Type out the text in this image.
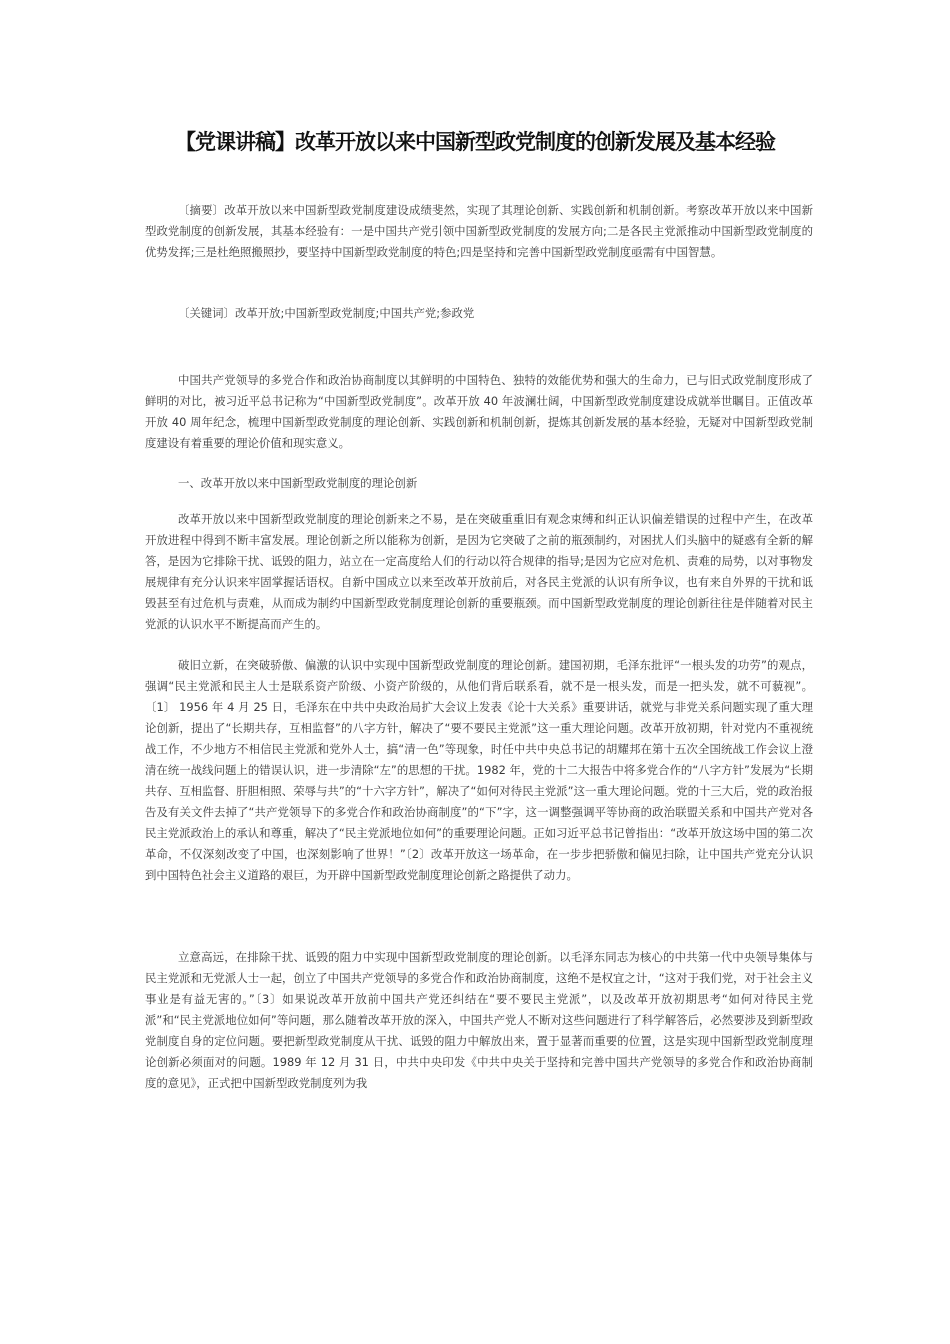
【党课讲稿】改革开放以来中国新型政党制度的创新发展及基本经验

〔摘要〕改革开放以来中国新型政党制度建设成绩斐然，实现了其理论创新、实践创新和机制创新。考察改革开放以来中国新型政党制度的创新发展，其基本经验有：一是中国共产党引领中国新型政党制度的发展方向;二是各民主党派推动中国新型政党制度的优势发挥;三是杜绝照搬照抄，要坚持中国新型政党制度的特色;四是坚持和完善中国新型政党制度亟需有中国智慧。

〔关键词〕改革开放;中国新型政党制度;中国共产党;参政党

中国共产党领导的多党合作和政治协商制度以其鲜明的中国特色、独特的效能优势和强大的生命力，已与旧式政党制度形成了鲜明的对比，被习近平总书记称为“中国新型政党制度”。改革开放 40 年波澜壮阔，中国新型政党制度建设成就举世瞩目。正值改革开放 40 周年纪念，梳理中国新型政党制度的理论创新、实践创新和机制创新，提炼其创新发展的基本经验，无疑对中国新型政党制度建设有着重要的理论价值和现实意义。

一、改革开放以来中国新型政党制度的理论创新

改革开放以来中国新型政党制度的理论创新来之不易，是在突破重重旧有观念束缚和纠正认识偏差错误的过程中产生，在改革开放进程中得到不断丰富发展。理论创新之所以能称为创新，是因为它突破了之前的瓶颈制约，对困扰人们头脑中的疑惑有全新的解答，是因为它排除干扰、诋毁的阻力，站立在一定高度给人们的行动以符合规律的指导;是因为它应对危机、责难的局势，以对事物发展规律有充分认识来牢固掌握话语权。自新中国成立以来至改革开放前后，对各民主党派的认识有所争议，也有来自外界的干扰和诋毁甚至有过危机与责难，从而成为制约中国新型政党制度理论创新的重要瓶颈。而中国新型政党制度的理论创新往往是伴随着对民主党派的认识水平不断提高而产生的。

破旧立新，在突破骄傲、偏激的认识中实现中国新型政党制度的理论创新。建国初期，毛泽东批评“一根头发的功劳”的观点，强调“民主党派和民主人士是联系资产阶级、小资产阶级的，从他们背后联系看，就不是一根头发，而是一把头发，就不可藐视”。〔1〕 1956 年 4 月 25 日，毛泽东在中共中央政治局扩大会议上发表《论十大关系》重要讲话，就党与非党关系问题实现了重大理论创新，提出了“长期共存，互相监督”的八字方针，解决了“要不要民主党派”这一重大理论问题。改革开放初期，针对党内不重视统战工作，不少地方不相信民主党派和党外人士，搞“清一色”等现象，时任中共中央总书记的胡耀邦在第十五次全国统战工作会议上澄清在统一战线问题上的错误认识，进一步清除“左”的思想的干扰。1982 年，党的十二大报告中将多党合作的“八字方针”发展为“长期共存、互相监督、肝胆相照、荣辱与共”的“十六字方针”，解决了“如何对待民主党派”这一重大理论问题。党的十三大后，党的政治报告及有关文件去掉了“共产党领导下的多党合作和政治协商制度”的“下”字，这一调整强调平等协商的政治联盟关系和中国共产党对各民主党派政治上的承认和尊重，解决了“民主党派地位如何”的重要理论问题。正如习近平总书记曾指出：“改革开放这场中国的第二次革命，不仅深刻改变了中国，也深刻影响了世界！”〔2〕改革开放这一场革命，在一步步把骄傲和偏见扫除，让中国共产党充分认识到中国特色社会主义道路的艰巨，为开辟中国新型政党制度理论创新之路提供了动力。

立意高远，在排除干扰、诋毁的阻力中实现中国新型政党制度的理论创新。以毛泽东同志为核心的中共第一代中央领导集体与民主党派和无党派人士一起，创立了中国共产党领导的多党合作和政治协商制度，这绝不是权宜之计，“这对于我们党，对于社会主义事业是有益无害的。”〔3〕如果说改革开放前中国共产党还纠结在“要不要民主党派”，以及改革开放初期思考“如何对待民主党派”和“民主党派地位如何”等问题，那么随着改革开放的深入，中国共产党人不断对这些问题进行了科学解答后，必然要涉及到新型政党制度自身的定位问题。要把新型政党制度从干扰、诋毁的阻力中解放出来，置于显著而重要的位置，这是实现中国新型政党制度理论创新必须面对的问题。1989 年 12 月 31 日，中共中央印发《中共中央关于坚持和完善中国共产党领导的多党合作和政治协商制度的意见》，正式把中国新型政党制度列为我
